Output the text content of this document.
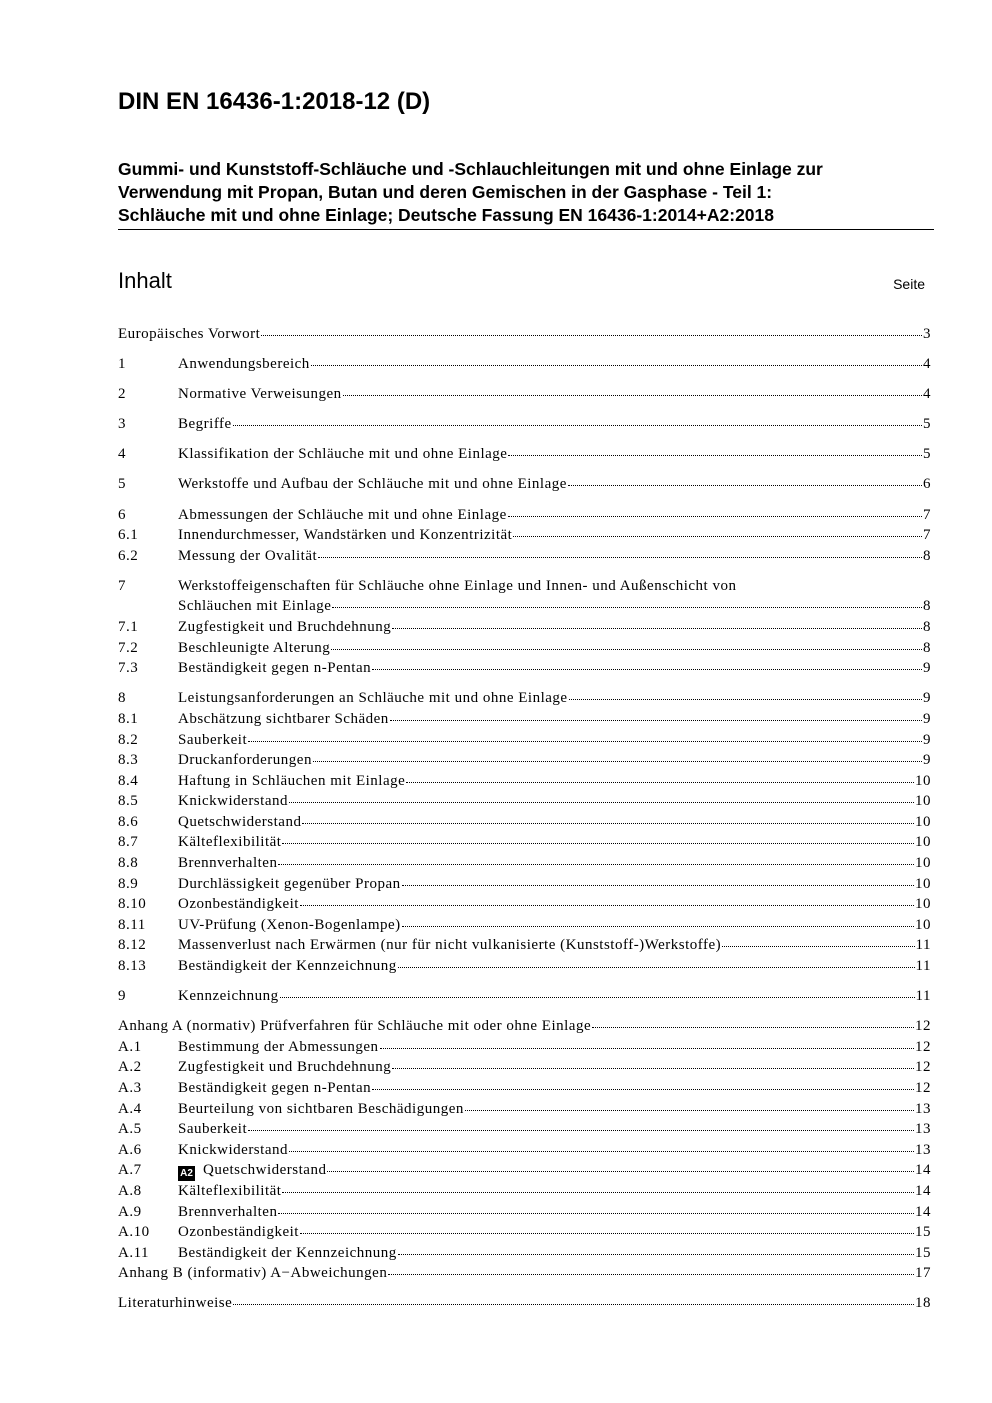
DIN EN 16436-1:2018-12 (D)
Gummi- und Kunststoff-Schläuche und -Schlauchleitungen mit und ohne Einlage zur
Verwendung mit Propan, Butan und deren Gemischen in der Gasphase - Teil 1:
Schläuche mit und ohne Einlage; Deutsche Fassung EN 16436-1:2014+A2:2018
Inhalt	Seite
Europäisches Vorwort	3
1	Anwendungsbereich	4
2	Normative Verweisungen	4
3	Begriffe	5
4	Klassifikation der Schläuche mit und ohne Einlage	5
5	Werkstoffe und Aufbau der Schläuche mit und ohne Einlage	6
6	Abmessungen der Schläuche mit und ohne Einlage	7
6.1	Innendurchmesser, Wandstärken und Konzentrizität	7
6.2	Messung der Ovalität	8
7	Werkstoffeigenschaften für Schläuche ohne Einlage und Innen- und Außenschicht von
Schläuchen mit Einlage	8
7.1	Zugfestigkeit und Bruchdehnung	8
7.2	Beschleunigte Alterung	8
7.3	Beständigkeit gegen n-Pentan	9
8	Leistungsanforderungen an Schläuche mit und ohne Einlage	9
8.1	Abschätzung sichtbarer Schäden	9
8.2	Sauberkeit	9
8.3	Druckanforderungen	9
8.4	Haftung in Schläuchen mit Einlage	10
8.5	Knickwiderstand	10
8.6	Quetschwiderstand	10
8.7	Kälteflexibilität	10
8.8	Brennverhalten	10
8.9	Durchlässigkeit gegenüber Propan	10
8.10 Ozonbeständigkeit	10
8.11 UV-Prüfung (Xenon-Bogenlampe)	10
8.12 Massenverlust nach Erwärmen (nur für nicht vulkanisierte (Kunststoff-)Werkstoffe)	11
8.13 Beständigkeit der Kennzeichnung	11
9	Kennzeichnung	11
Anhang A (normativ) Prüfverfahren für Schläuche mit oder ohne Einlage	12
A.1 Bestimmung der Abmessungen	12
A.2 Zugfestigkeit und Bruchdehnung	12
A.3 Beständigkeit gegen n-Pentan	12
A.4 Beurteilung von sichtbaren Beschädigungen	13
A.5 Sauberkeit	13
A.6 Knickwiderstand	13
A.7	A2 Quetschwiderstand	14
A.8 Kälteflexibilität	14
A.9 Brennverhalten	14
A.10 Ozonbeständigkeit	15
A.11 Beständigkeit der Kennzeichnung	15
Anhang B (informativ) A−Abweichungen	17
Literaturhinweise	18
